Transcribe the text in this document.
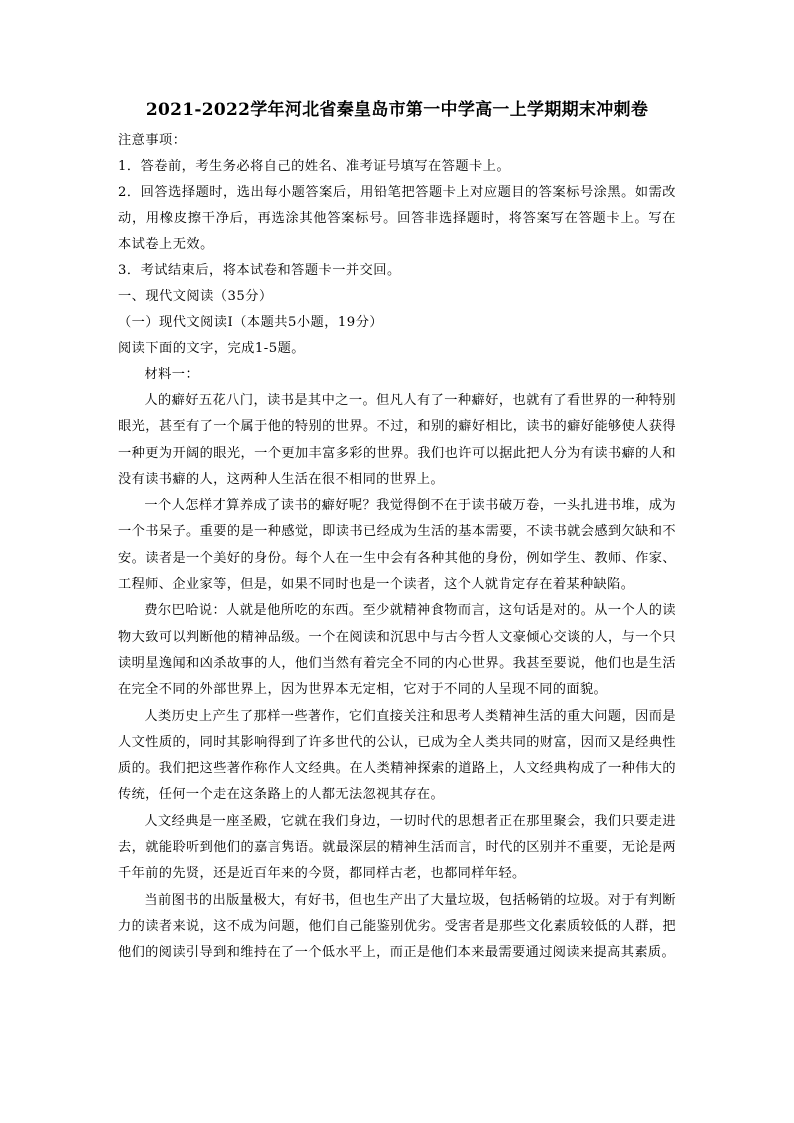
2021-2022学年河北省秦皇岛市第一中学高一上学期期末冲刺卷
注意事项：
1．答卷前，考生务必将自己的姓名、准考证号填写在答题卡上。
2．回答选择题时，选出每小题答案后，用铅笔把答题卡上对应题目的答案标号涂黑。如需改动，用橡皮擦干净后，再选涂其他答案标号。回答非选择题时，将答案写在答题卡上。写在本试卷上无效。
3．考试结束后，将本试卷和答题卡一并交回。
一、现代文阅读（35分）
（一）现代文阅读Ⅰ（本题共5小题，19分）
阅读下面的文字，完成1-5题。
材料一：
人的癖好五花八门，读书是其中之一。但凡人有了一种癖好，也就有了看世界的一种特别眼光，甚至有了一个属于他的特别的世界。不过，和别的癖好相比，读书的癖好能够使人获得一种更为开阔的眼光，一个更加丰富多彩的世界。我们也许可以据此把人分为有读书癖的人和没有读书癖的人，这两种人生活在很不相同的世界上。
一个人怎样才算养成了读书的癖好呢？我觉得倒不在于读书破万卷，一头扎进书堆，成为一个书呆子。重要的是一种感觉，即读书已经成为生活的基本需要，不读书就会感到欠缺和不安。读者是一个美好的身份。每个人在一生中会有各种其他的身份，例如学生、教师、作家、工程师、企业家等，但是，如果不同时也是一个读者，这个人就肯定存在着某种缺陷。
费尔巴哈说：人就是他所吃的东西。至少就精神食物而言，这句话是对的。从一个人的读物大致可以判断他的精神品级。一个在阅读和沉思中与古今哲人文豪倾心交谈的人，与一个只读明星逸闻和凶杀故事的人，他们当然有着完全不同的内心世界。我甚至要说，他们也是生活在完全不同的外部世界上，因为世界本无定相，它对于不同的人呈现不同的面貌。
人类历史上产生了那样一些著作，它们直接关注和思考人类精神生活的重大问题，因而是人文性质的，同时其影响得到了许多世代的公认，已成为全人类共同的财富，因而又是经典性质的。我们把这些著作称作人文经典。在人类精神探索的道路上，人文经典构成了一种伟大的传统，任何一个走在这条路上的人都无法忽视其存在。
人文经典是一座圣殿，它就在我们身边，一切时代的思想者正在那里聚会，我们只要走进去，就能聆听到他们的嘉言隽语。就最深层的精神生活而言，时代的区别并不重要，无论是两千年前的先贤，还是近百年来的今贤，都同样古老，也都同样年轻。
当前图书的出版量极大，有好书，但也生产出了大量垃圾，包括畅销的垃圾。对于有判断力的读者来说，这不成为问题，他们自己能鉴别优劣。受害者是那些文化素质较低的人群，把他们的阅读引导到和维持在了一个低水平上，而正是他们本来最需要通过阅读来提高其素质。
